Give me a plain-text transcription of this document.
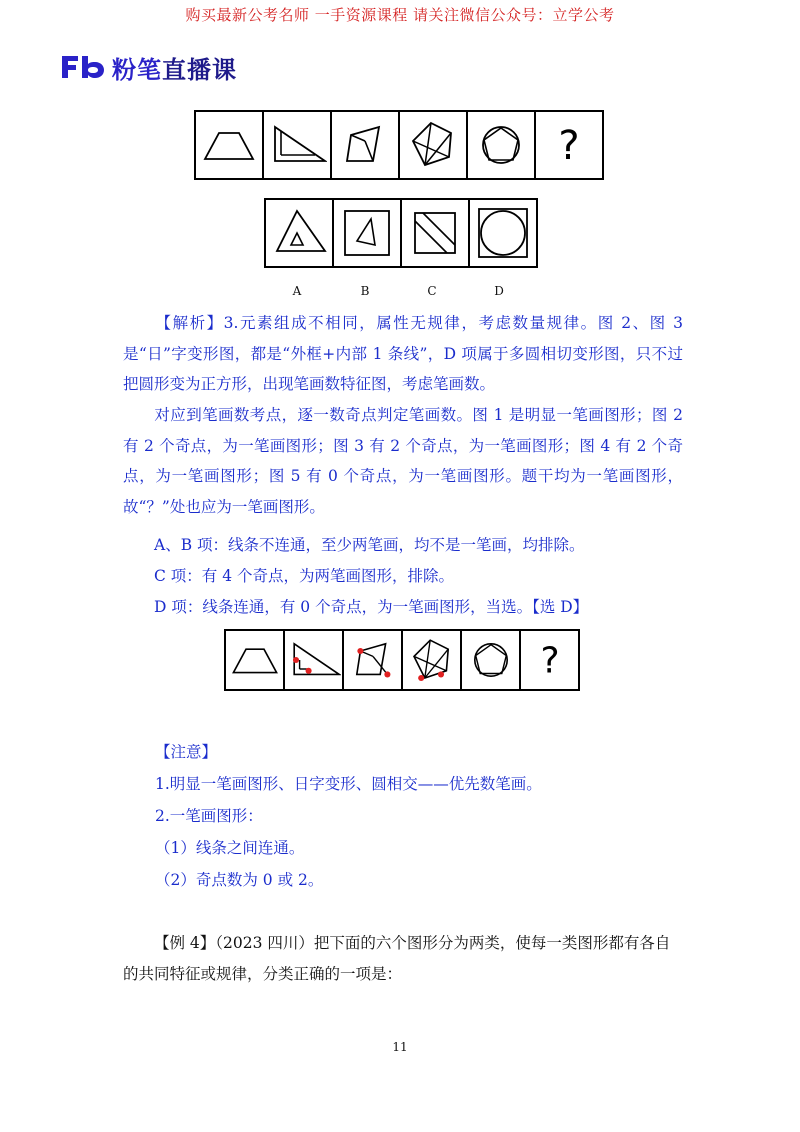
购买最新公考名师 一手资源课程 请关注微信公众号：立学公考
粉笔直播课
?
A	B	C	D

【解析】3.元素组成不相同，属性无规律，考虑数量规律。图 2、图 3 是“日”字变形图，都是“外框+内部 1 条线”，D 项属于多圆相切变形图，只不过把圆形变为正方形，出现笔画数特征图，考虑笔画数。

对应到笔画数考点，逐一数奇点判定笔画数。图 1 是明显一笔画图形；图 2 有 2 个奇点，为一笔画图形；图 3 有 2 个奇点，为一笔画图形；图 4 有 2 个奇点，为一笔画图形；图 5 有 0 个奇点，为一笔画图形。题干均为一笔画图形，故“？”处也应为一笔画图形。

A、B 项：线条不连通，至少两笔画，均不是一笔画，均排除。

C 项：有 4 个奇点，为两笔画图形，排除。

D 项：线条连通，有 0 个奇点，为一笔画图形，当选。【选 D】

?

【注意】

1.明显一笔画图形、日字变形、圆相交——优先数笔画。

2.一笔画图形：

（1）线条之间连通。

（2）奇点数为 0 或 2。

【例 4】（2023 四川）把下面的六个图形分为两类，使每一类图形都有各自的共同特征或规律，分类正确的一项是：

11
